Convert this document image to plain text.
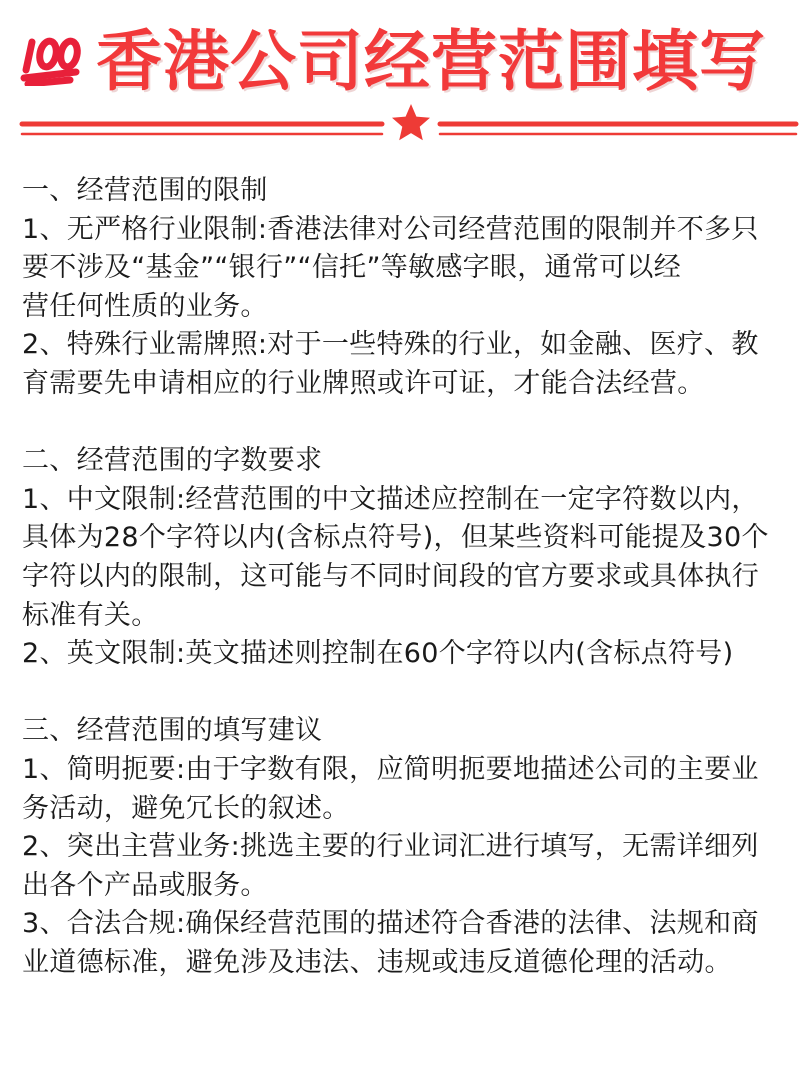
香港公司经营范围填写
一、经营范围的限制
1、无严格行业限制:香港法律对公司经营范围的限制并不多只
要不涉及“基金”“银行”“信托”等敏感字眼，通常可以经
营任何性质的业务。
2、特殊行业需牌照:对于一些特殊的行业，如金融、医疗、教
育需要先申请相应的行业牌照或许可证，才能合法经营。
二、经营范围的字数要求
1、中文限制:经营范围的中文描述应控制在一定字符数以内，
具体为28个字符以内(含标点符号)，但某些资料可能提及30个
字符以内的限制，这可能与不同时间段的官方要求或具体执行
标准有关。
2、英文限制:英文描述则控制在60个字符以内(含标点符号)
三、经营范围的填写建议
1、简明扼要:由于字数有限，应简明扼要地描述公司的主要业
务活动，避免冗长的叙述。
2、突出主营业务:挑选主要的行业词汇进行填写，无需详细列
出各个产品或服务。
3、合法合规:确保经营范围的描述符合香港的法律、法规和商
业道德标准，避免涉及违法、违规或违反道德伦理的活动。
